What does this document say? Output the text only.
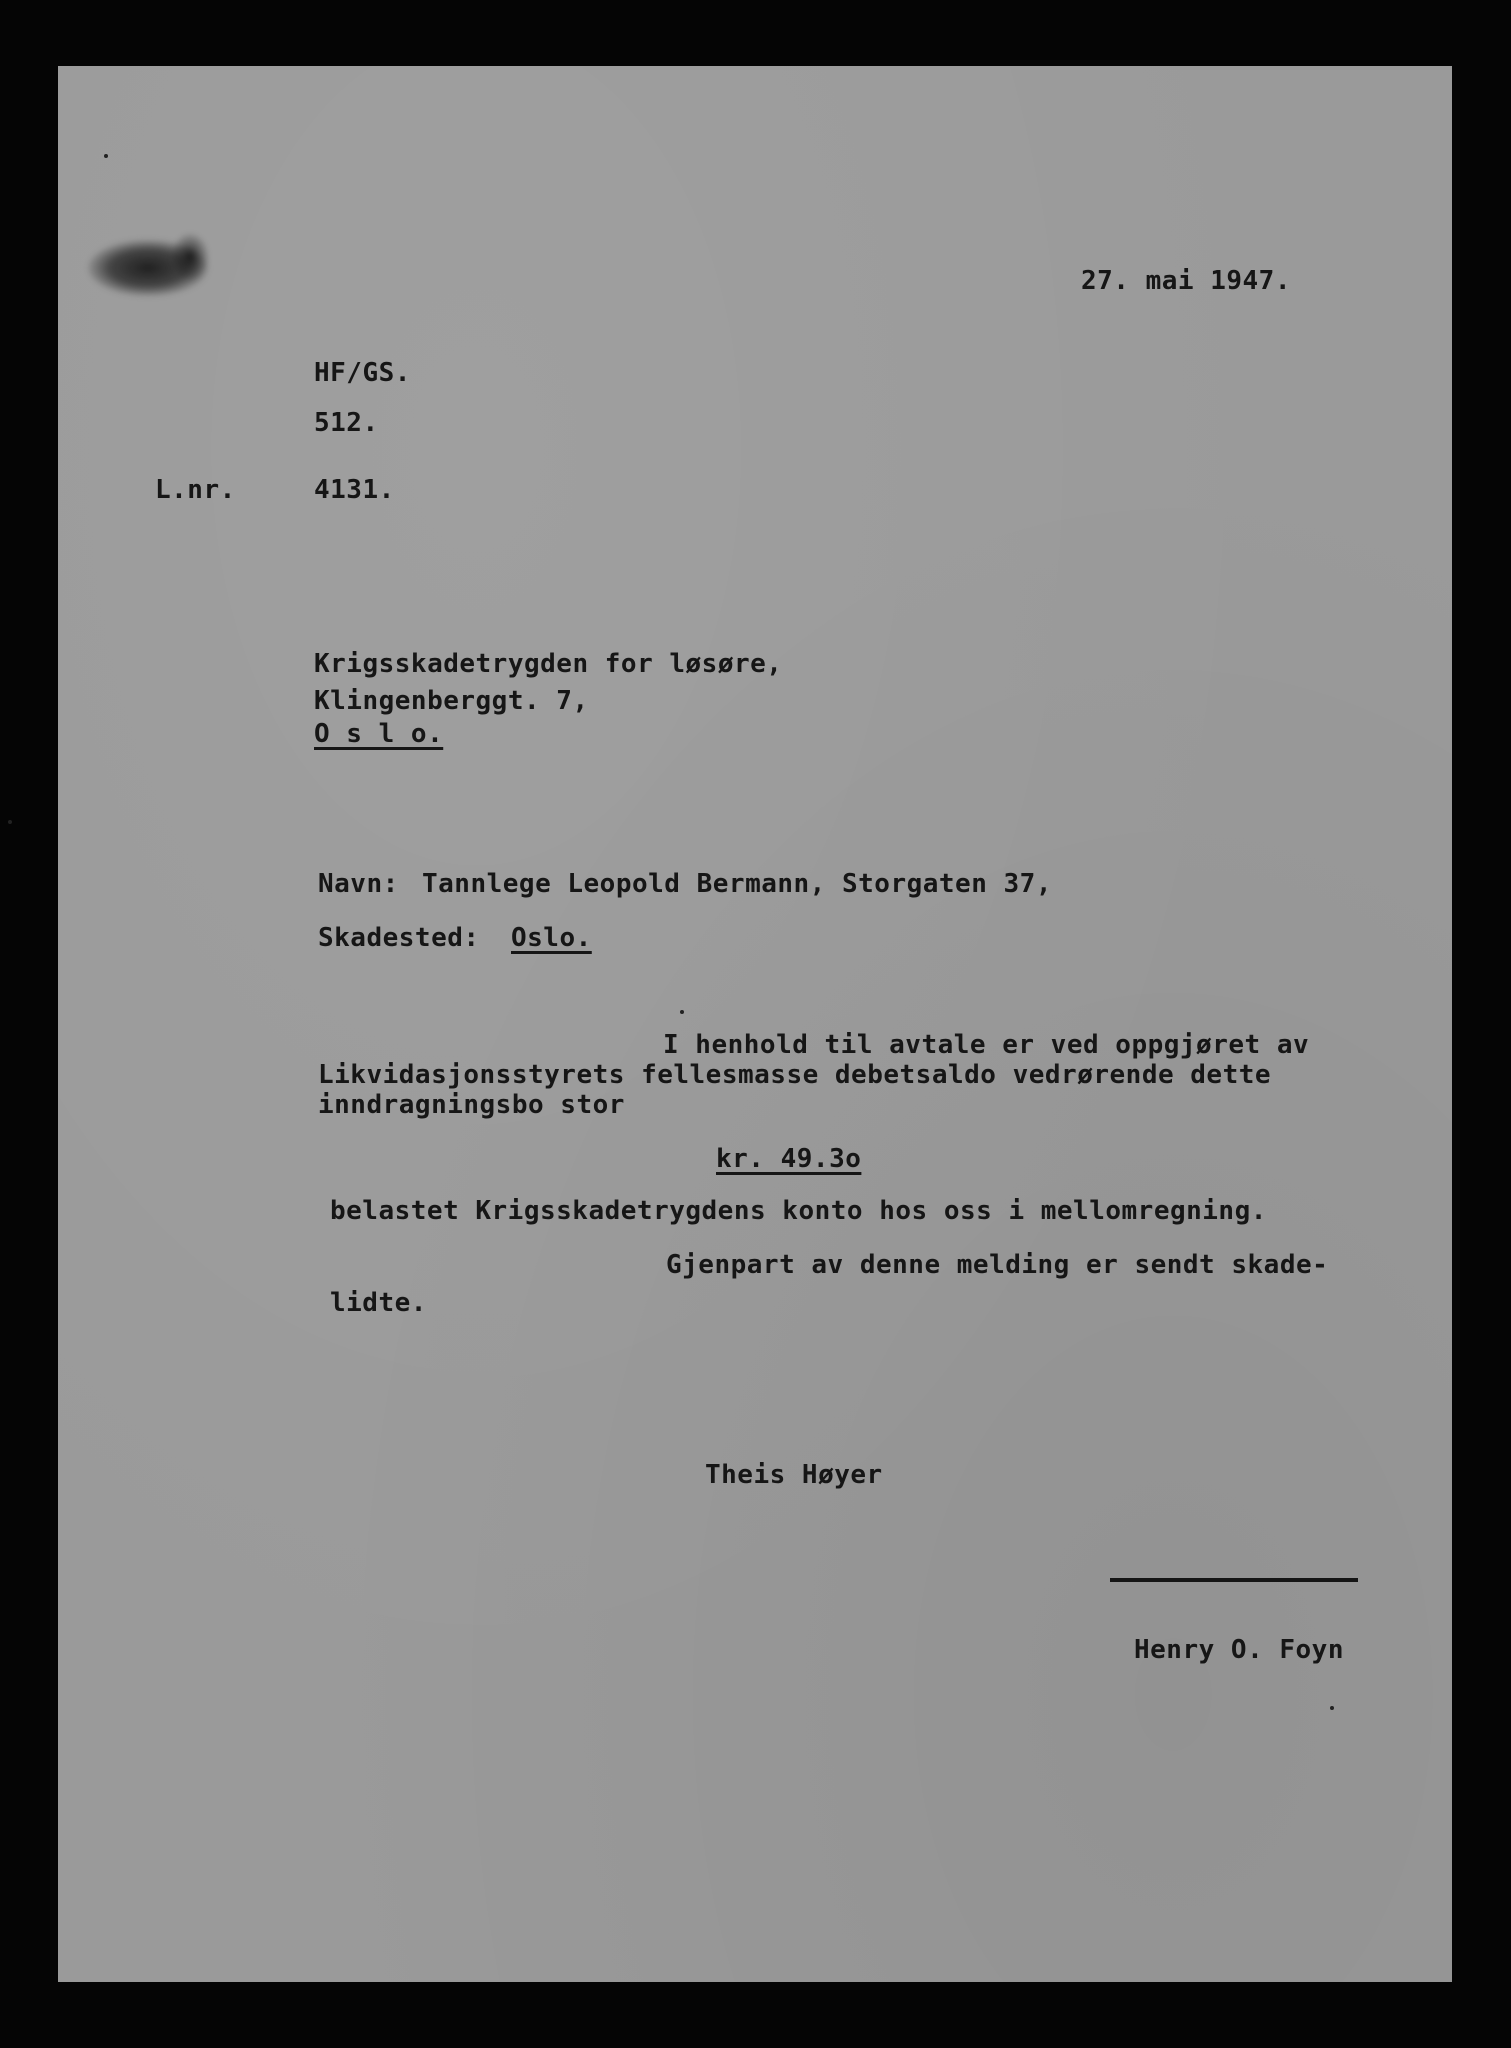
27. mai 1947.
HF/GS.
512.
L.nr.	4131.
Krigsskadetrygden for løsøre,
Klingenberggt. 7,
O s l o.
Navn: Tannlege Leopold Bermann, Storgaten 37,
Skadested: Oslo.
I henhold til avtale er ved oppgjøret av
Likvidasjonsstyrets fellesmasse debetsaldo vedrørende dette
inndragningsbo stor
kr. 49.3o
belastet Krigsskadetrygdens konto hos oss i mellomregning.
Gjenpart av denne melding er sendt skade-
lidte.
Theis Høyer
Henry O. Foyn
